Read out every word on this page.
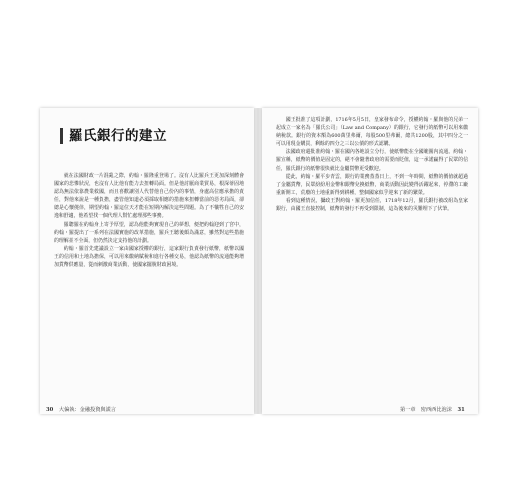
羅氏銀行的建立

就在法國財政一片混亂之際，約翰・羅隆重登場了。沒有人比羅兵王更加深刻體會國家的悲慘狀況，也沒有人比他有能力去扭轉局面。但是他討厭商業貿易，根深蒂固地認為無法依靠農業救國，而且喜歡讓別人代替他自己份內的事情，身處高位應承擔的責任，對他來說是一種負擔，盡管他知道必須採取相應的措施來扭轉當前的惡劣局面，卻總是心懷僥倖，期望約翰・羅這位天才能在短期內解決這些問題。為了不犧牲自己的安逸和舒適，他希望找一個代理人幫忙處理那些事務。

羅聰羅在約翰身上寄予厚望，認為他能夠實現自己的夢想，便把約翰迎到了宮中，約翰・羅提出了一系列在法國實施的改革措施，羅兵王聽後頗為滿意，雖然對這些措施的理解並不全面，但仍然決定支持他的計劃。

約翰・羅首先建議設立一家由國家授權的銀行，這家銀行負責發行紙幣，紙幣以國王的信用和土地為擔保，可以用來繳納賦稅和進行各種交易，他認為紙幣的流通能夠增加貨幣供應量，從而刺激商業活動，使國家擺脫財政困境。

國王批准了這項計劃，1716年5月5日，皇家發布命令，授權約翰・羅與他的兄弟一起成立一家名為「羅氏公司」（Law and Company）的銀行，它發行的紙幣可以用來繳納稅款。銀行的資本額為600萬里弗爾，每股500里弗爾，總共1200股，其中四分之一可以用現金購買，剩餘的四分之三以公債的形式認購。

法國政府還批准約翰・羅在國內各地設立分行，使紙幣能在全國範圍內流通。約翰・羅宣稱，紙幣的價值是固定的，絕不會隨著政府的需要而貶值，這一承諾贏得了民眾的信任，羅氏銀行的紙幣很快就比金屬貨幣更受歡迎。

從此，約翰・羅平步青雲，銀行的業務蒸蒸日上，不到一年時間，紙幣的價值就超過了金屬貨幣，民眾紛紛用金幣和銀幣兌換紙幣，商業活動因此變得活躍起來，停滯的工廠重新開工，荒廢的土地重新得到耕種，整個國家似乎迎來了新的繁榮。

看到這種情況，攝政王對約翰・羅更加信任，1718年12月，羅氏銀行被改組為皇家銀行，由國王直接控制，紙幣的發行不再受到限制，這為後來的災難埋下了伏筆。

30 大偏執：金融投資與謊言	第一章　密西西比泡沫 31
